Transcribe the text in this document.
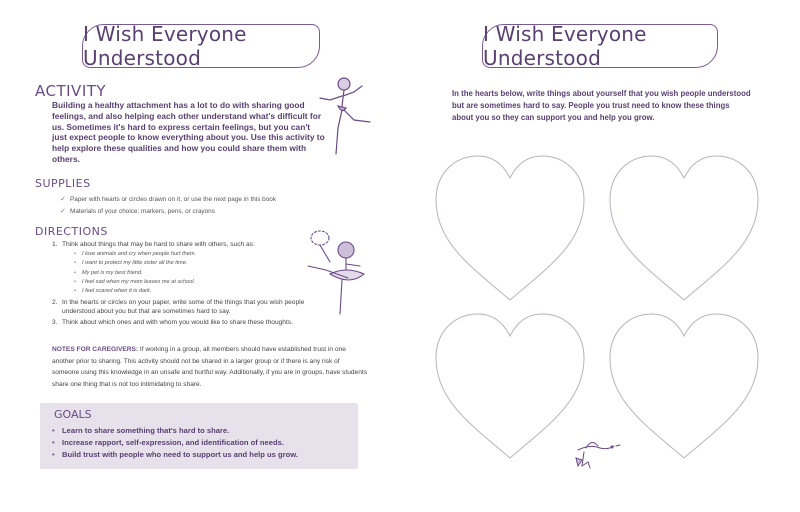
I Wish Everyone Understood
ACTIVITY
Building a healthy attachment has a lot to do with sharing good feelings, and also helping each other understand what's difficult for us. Sometimes it's hard to express certain feelings, but you can't just expect people to know everything about you. Use this activity to help explore these qualities and how you could share them with others.
SUPPLIES
✓ Paper with hearts or circles drawn on it, or use the next page in this book
✓ Materials of your choice: markers, pens, or crayons
DIRECTIONS
1. Think about things that may be hard to share with others, such as:
•	I love animals and cry when people hurt them.
•	I want to protect my little sister all the time.
•	My pet is my best friend.
•	I feel sad when my mom leaves me at school.
•	I feel scared when it is dark.
2. In the hearts or circles on your paper, write some of the things that you wish people understood about you but that are sometimes hard to say.
3. Think about which ones and with whom you would like to share these thoughts.
NOTES FOR CAREGIVERS: If working in a group, all members should have established trust in one another prior to sharing. This activity should not be shared in a larger group or if there is any risk of someone using this knowledge in an unsafe and hurtful way. Additionally, if you are in groups, have students share one thing that is not too intimidating to share.
GOALS
• Learn to share something that's hard to share.
• Increase rapport, self-expression, and identification of needs.
• Build trust with people who need to support us and help us grow.
I Wish Everyone Understood
In the hearts below, write things about yourself that you wish people understood but are sometimes hard to say. People you trust need to know these things about you so they can support you and help you grow.
